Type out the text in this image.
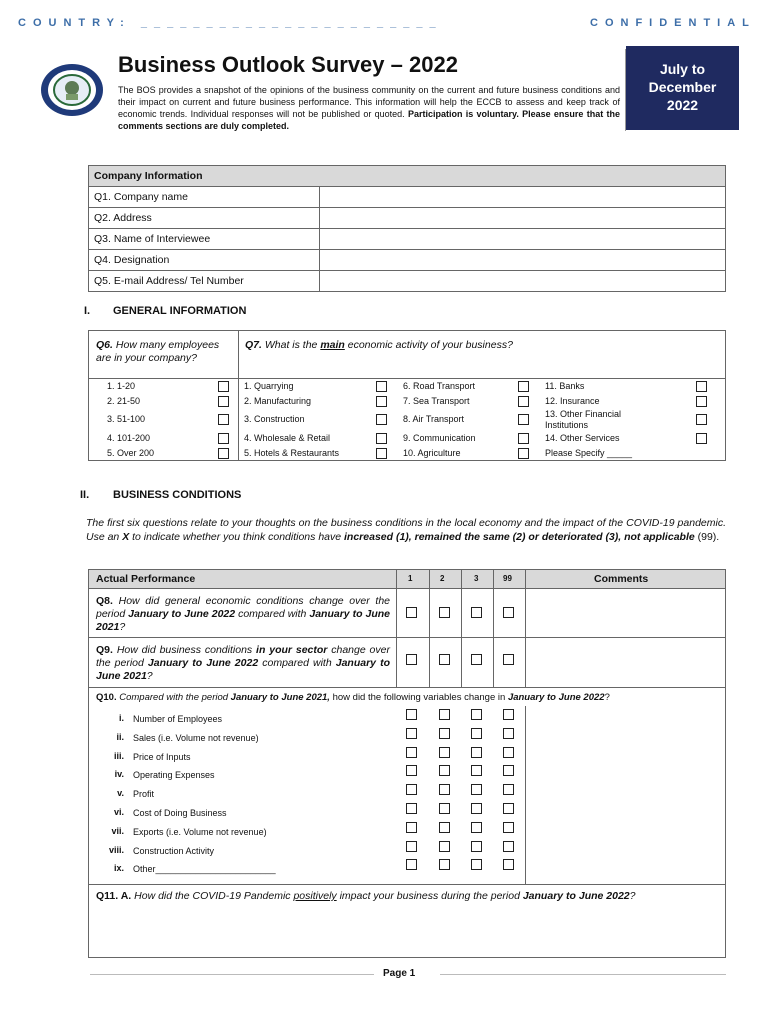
COUNTRY: _______________________	CONFIDENTIAL
Business Outlook Survey – 2022
The BOS provides a snapshot of the opinions of the business community on the current and future business conditions and their impact on current and future business performance. This information will help the ECCB to assess and keep track of economic trends. Individual responses will not be published or quoted. Participation is voluntary. Please ensure that the comments sections are duly completed.
July to
December
2022
Company Information	
Q1. Company name	
Q2. Address	
Q3. Name of Interviewee	
Q4. Designation	
Q5. E-mail Address/ Tel Number	
I. GENERAL INFORMATION
Q6. How many employees are in your company?
Q7. What is the main economic activity of your business?
1. 1-20
2. 21-50
3. 51-100
4. 101-200
5. Over 200
1. Quarrying
2. Manufacturing
3. Construction
4. Wholesale & Retail
5. Hotels & Restaurants
6. Road Transport
7. Sea Transport
8. Air Transport
9. Communication
10. Agriculture
11. Banks
12. Insurance
13. Other Financial Institutions
14. Other Services
Please Specify _____
II. BUSINESS CONDITIONS
The first six questions relate to your thoughts on the business conditions in the local economy and the impact of the COVID-19 pandemic. Use an X to indicate whether you think conditions have increased (1), remained the same (2) or deteriorated (3), not applicable (99).
Actual Performance	1	2	3	99	Comments
Q8. How did general economic conditions change over the period January to June 2022 compared with January to June 2021?
Q9. How did business conditions in your sector change over the period January to June 2022 compared with January to June 2021?
Q10. Compared with the period January to June 2021, how did the following variables change in January to June 2022?
i. Number of Employees
ii. Sales (i.e. Volume not revenue)
iii. Price of Inputs
iv. Operating Expenses
v. Profit
vi. Cost of Doing Business
vii. Exports (i.e. Volume not revenue)
viii. Construction Activity
ix. Other________________________
Q11. A. How did the COVID-19 Pandemic positively impact your business during the period January to June 2022?
Page 1
